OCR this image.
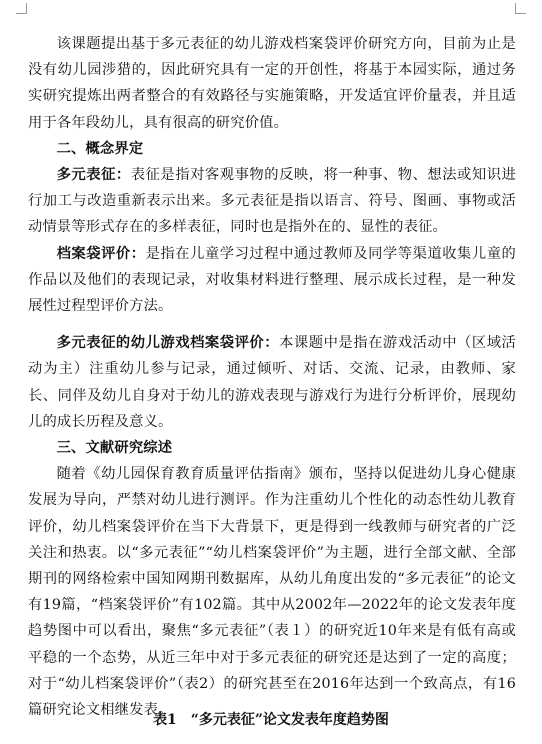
该课题提出基于多元表征的幼儿游戏档案袋评价研究方向，目前为止是没有幼儿园涉猎的，因此研究具有一定的开创性，将基于本园实际，通过务实研究提炼出两者整合的有效路径与实施策略，开发适宜评价量表，并且适用于各年段幼儿，具有很高的研究价值。

二、概念界定

多元表征：表征是指对客观事物的反映，将一种事、物、想法或知识进行加工与改造重新表示出来。多元表征是指以语言、符号、图画、事物或活动情景等形式存在的多样表征，同时也是指外在的、显性的表征。

档案袋评价：是指在儿童学习过程中通过教师及同学等渠道收集儿童的作品以及他们的表现记录，对收集材料进行整理、展示成长过程，是一种发展性过程型评价方法。

多元表征的幼儿游戏档案袋评价：本课题中是指在游戏活动中（区域活动为主）注重幼儿参与记录，通过倾听、对话、交流、记录，由教师、家长、同伴及幼儿自身对于幼儿的游戏表现与游戏行为进行分析评价，展现幼儿的成长历程及意义。

三、文献研究综述

随着《幼儿园保育教育质量评估指南》颁布，坚持以促进幼儿身心健康发展为导向，严禁对幼儿进行测评。作为注重幼儿个性化的动态性幼儿教育评价，幼儿档案袋评价在当下大背景下，更是得到一线教师与研究者的广泛关注和热衷。以“多元表征”“幼儿档案袋评价”为主题，进行全部文献、全部期刊的网络检索中国知网期刊数据库，从幼儿角度出发的“多元表征”的论文有19篇，“档案袋评价”有102篇。其中从2002年—2022年的论文发表年度趋势图中可以看出，聚焦“多元表征”（表１）的研究近10年来是有低有高或平稳的一个态势，从近三年中对于多元表征的研究还是达到了一定的高度；对于“幼儿档案袋评价”（表2）的研究甚至在2016年达到一个致高点，有16篇研究论文相继发表。

表1　“多元表征”论文发表年度趋势图
